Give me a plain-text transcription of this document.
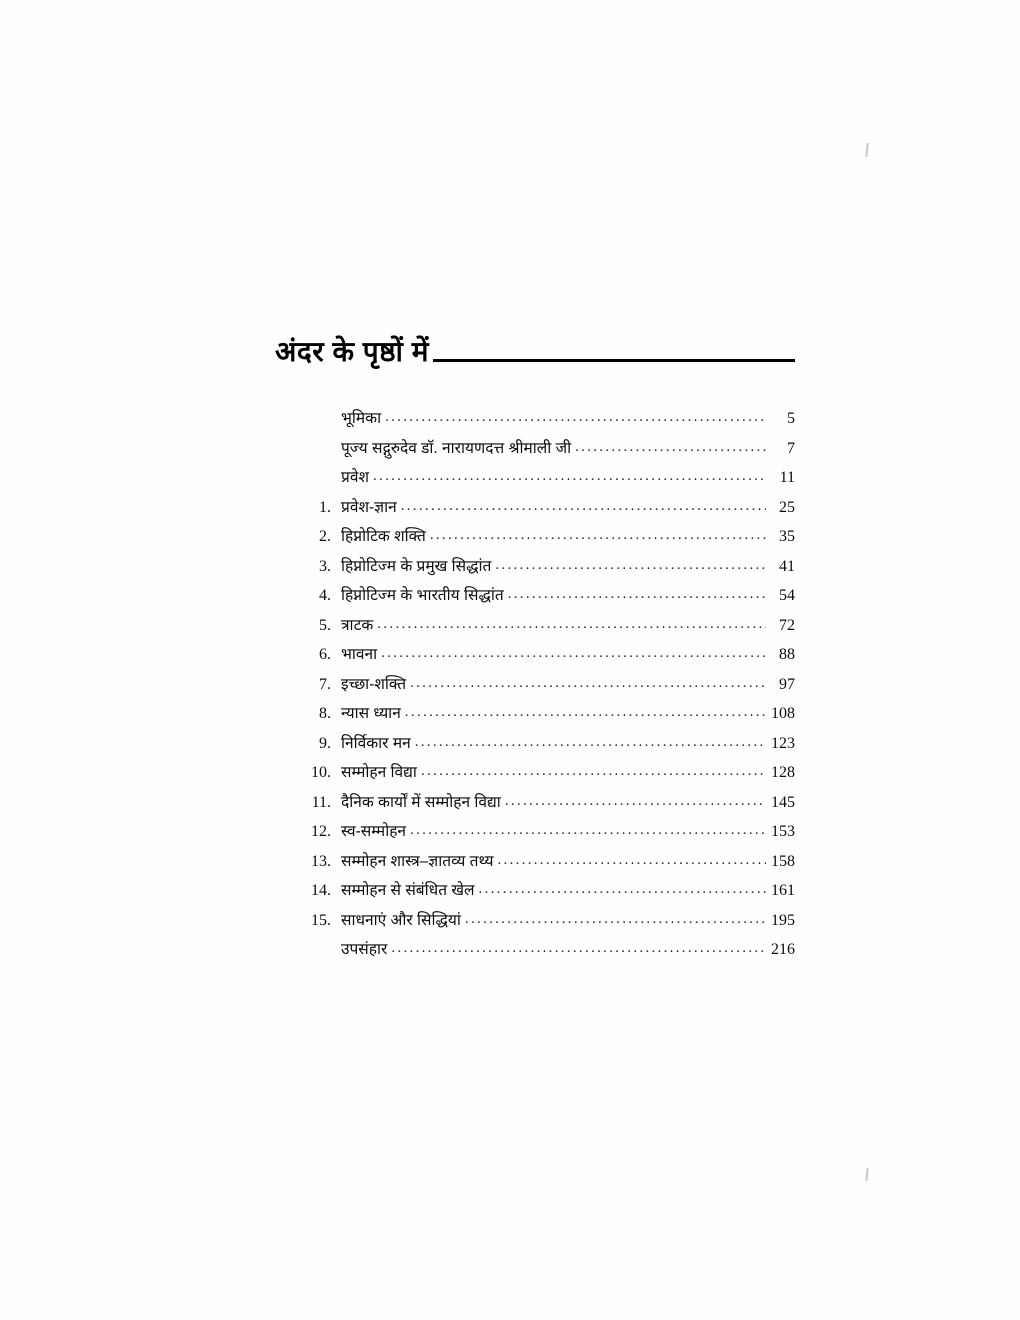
अंदर के पृष्ठों में
भूमिका .....	5
पूज्य सद्गुरुदेव डॉ. नारायणदत्त श्रीमाली जी .....	7
प्रवेश .....	11
1. प्रवेश-ज्ञान .....	25
2. हिप्नोटिक शक्ति .....	35
3. हिप्नोटिज्म के प्रमुख सिद्धांत .....	41
4. हिप्नोटिज्म के भारतीय सिद्धांत .....	54
5. त्राटक .....	72
6. भावना .....	88
7. इच्छा-शक्ति .....	97
8. न्यास ध्यान .....	108
9. निर्विकार मन .....	123
10. सम्मोहन विद्या .....	128
11. दैनिक कार्यों में सम्मोहन विद्या .....	145
12. स्व-सम्मोहन .....	153
13. सम्मोहन शास्त्र–ज्ञातव्य तथ्य .....	158
14. सम्मोहन से संबंधित खेल .....	161
15. साधनाएं और सिद्धियां .....	195
उपसंहार .....	216
